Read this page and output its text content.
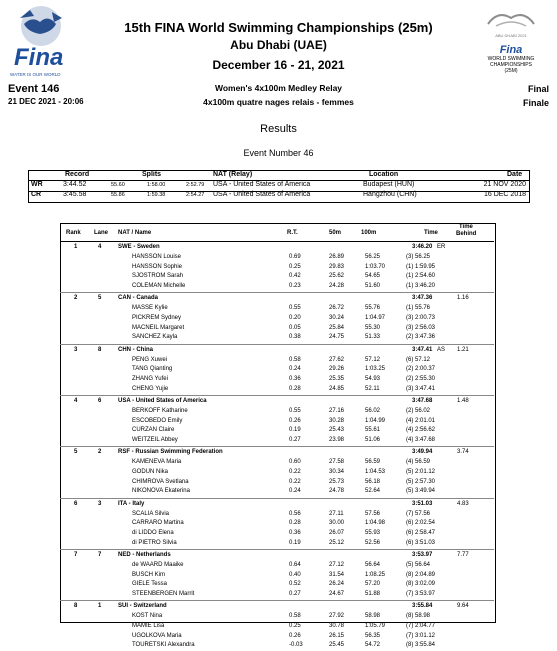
Fina
WATER IS OUR WORLD
Event 146
21 DEC 2021 - 20:06
15th FINA World Swimming Championships (25m)
Abu Dhabi (UAE)
December 16 - 21, 2021
Women's 4x100m Medley Relay
4x100m quatre nages relais - femmes
ABU DHABI 2021
Fina
WORLD SWIMMING
CHAMPIONSHIPS
(25M)
Final
Finale
Results
Event Number 46
Record	Splits	NAT (Relay)	Location	Date
WR	3:44.52	55.60	1:58.00	2:52.79 USA - United States of America	Budapest (HUN)	21 NOV 2020
CR	3:45.58	55.86	1:59.38	2:54.27 USA - United States of America	Hangzhou (CHN)	16 DEC 2018
Rank Lane NAT / Name	R.T.	50m	100m	Time
Time
Behind
1	4	SWE - Sweden	3:46.20 ER
HANSSON Louise	0.69	26.89	56.25	(3) 56.25
HANSSON Sophie	0.25	29.83	1:03.70	(1) 1:59.95
SJOSTROM Sarah	0.42	25.62	54.65	(1) 2:54.60
COLEMAN Michelle	0.23	24.28	51.60	(1) 3:46.20
2	5	CAN - Canada	3:47.36	1.16
MASSE Kylie	0.55	26.72	55.76	(1) 55.76
PICKREM Sydney	0.20	30.24	1:04.97	(3) 2:00.73
MACNEIL Margaret	0.05	25.84	55.30	(3) 2:56.03
SANCHEZ Kayla	0.38	24.75	51.33	(2) 3:47.36
3	8	CHN - China	3:47.41 AS 1.21
PENG Xuwei	0.58	27.62	57.12	(6) 57.12
TANG Qianting	0.24	29.26	1:03.25	(2) 2:00.37
ZHANG Yufei	0.36	25.35	54.93	(2) 2:55.30
CHENG Yujie	0.28	24.85	52.11	(3) 3:47.41
4	6	USA - United States of America	3:47.68	1.48
BERKOFF Katharine	0.55	27.16	56.02	(2) 56.02
ESCOBEDO Emily	0.26	30.28	1:04.99	(4) 2:01.01
CURZAN Claire	0.19	25.43	55.61	(4) 2:56.62
WEITZEIL Abbey	0.27	23.98	51.06	(4) 3:47.68
5	2	RSF - Russian Swimming Federation	3:49.94	3.74
KAMENEVA Maria	0.60	27.58	56.59	(4) 56.59
GODUN Nika	0.22	30.34	1:04.53	(5) 2:01.12
CHIMROVA Svetlana	0.22	25.73	56.18	(5) 2:57.30
NIKONOVA Ekaterina	0.24	24.78	52.64	(5) 3:49.94
6	3	ITA - Italy	3:51.03	4.83
SCALIA Silvia	0.56	27.11	57.56	(7) 57.56
CARRARO Martina	0.28	30.00	1:04.98	(6) 2:02.54
di LIDDO Elena	0.36	26.07	55.93	(6) 2:58.47
di PIETRO Silvia	0.19	25.12	52.56	(6) 3:51.03
7	7	NED - Netherlands	3:53.97	7.77
de WAARD Maaike	0.64	27.12	56.64	(5) 56.64
BUSCH Kim	0.40	31.54	1:08.25	(8) 2:04.89
GIELE Tessa	0.52	26.24	57.20	(8) 3:02.09
STEENBERGEN Marrit	0.27	24.67	51.88	(7) 3:53.97
8	1	SUI - Switzerland	3:55.84	9.64
KOST Nina	0.58	27.92	58.98	(8) 58.98
MAMIE Lisa	0.25	30.78	1:05.79	(7) 2:04.77
UGOLKOVA Maria	0.26	26.15	56.35	(7) 3:01.12
TOURETSKI Alexandra	-0.03	25.45	54.72	(8) 3:55.84
